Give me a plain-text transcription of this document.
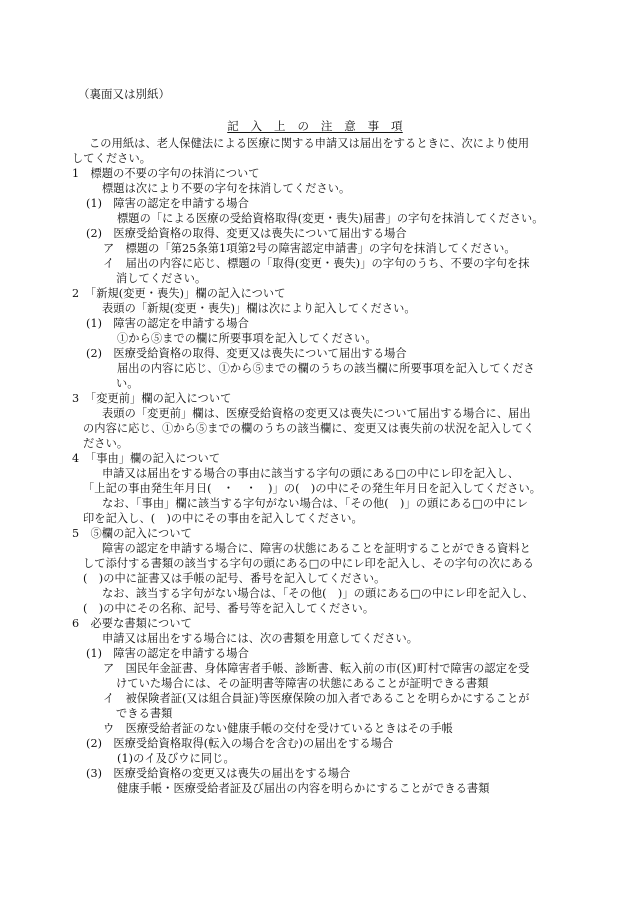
（裏面又は別紙）
記　入　上　の　注　意　事　項
この用紙は、老人保健法による医療に関する申請又は届出をするときに、次により使用
してください。
1　標題の不要の字句の抹消について
標題は次により不要の字句を抹消してください。
(1)　障害の認定を申請する場合
標題の「による医療の受給資格取得(変更・喪失)届書」の字句を抹消してください。
(2)　医療受給資格の取得、変更又は喪失について届出する場合
ア　標題の「第25条第1項第2号の障害認定申請書」の字句を抹消してください。
イ　届出の内容に応じ、標題の「取得(変更・喪失)」の字句のうち、不要の字句を抹
消してください。
2　「新規(変更・喪失)」欄の記入について
表頭の「新規(変更・喪失)」欄は次により記入してください。
(1)　障害の認定を申請する場合
①から⑤までの欄に所要事項を記入してください。
(2)　医療受給資格の取得、変更又は喪失について届出する場合
届出の内容に応じ、①から⑤までの欄のうちの該当欄に所要事項を記入してくださ
い。
3　「変更前」欄の記入について
表頭の「変更前」欄は、医療受給資格の変更又は喪失について届出する場合に、届出
の内容に応じ、①から⑤までの欄のうちの該当欄に、変更又は喪失前の状況を記入してく
ださい。
4　「事由」欄の記入について
申請又は届出をする場合の事由に該当する字句の頭にある□の中にレ印を記入し、
「上記の事由発生年月日(　・　・　)」の(　)の中にその発生年月日を記入してください。
なお、「事由」欄に該当する字句がない場合は、「その他(　)」の頭にある□の中にレ
印を記入し、(　)の中にその事由を記入してください。
5　⑤欄の記入について
障害の認定を申請する場合に、障害の状態にあることを証明することができる資料と
して添付する書類の該当する字句の頭にある□の中にレ印を記入し、その字句の次にある
(　)の中に証書又は手帳の記号、番号を記入してください。
なお、該当する字句がない場合は、「その他(　)」の頭にある□の中にレ印を記入し、
(　)の中にその名称、記号、番号等を記入してください。
6　必要な書類について
申請又は届出をする場合には、次の書類を用意してください。
(1)　障害の認定を申請する場合
ア　国民年金証書、身体障害者手帳、診断書、転入前の市(区)町村で障害の認定を受
けていた場合には、その証明書等障害の状態にあることが証明できる書類
イ　被保険者証(又は組合員証)等医療保険の加入者であることを明らかにすることが
できる書類
ウ　医療受給者証のない健康手帳の交付を受けているときはその手帳
(2)　医療受給資格取得(転入の場合を含む)の届出をする場合
(1)のイ及びウに同じ。
(3)　医療受給資格の変更又は喪失の届出をする場合
健康手帳・医療受給者証及び届出の内容を明らかにすることができる書類
